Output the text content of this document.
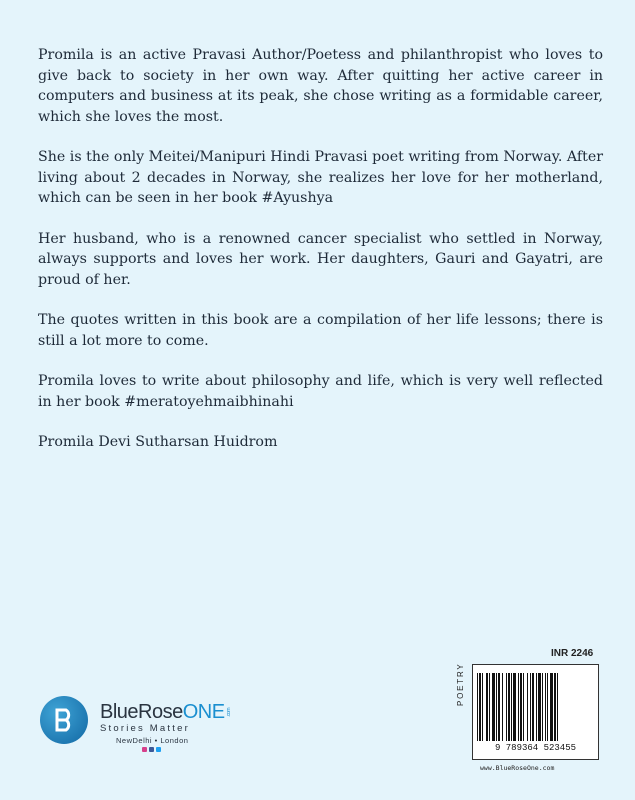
Promila is an active Pravasi Author/Poetess and philanthropist who loves to give back to society in her own way. After quitting her active career in computers and business at its peak, she chose writing as a formidable career, which she loves the most.

She is the only Meitei/Manipuri Hindi Pravasi poet writing from Norway. After living about 2 decades in Norway, she realizes her love for her motherland, which can be seen in her book #Ayushya

Her husband, who is a renowned cancer specialist who settled in Norway, always supports and loves her work. Her daughters, Gauri and Gayatri, are proud of her.

The quotes written in this book are a compilation of her life lessons; there is still a lot more to come.

Promila loves to write about philosophy and life, which is very well reflected in her book #meratoyehmaibhinahi

Promila Devi Sutharsan Huidrom

BlueRoseONE.com
Stories Matter
NewDelhi • London
INR 2246
POETRY
9 789364 523455
www.BlueRoseOne.com
